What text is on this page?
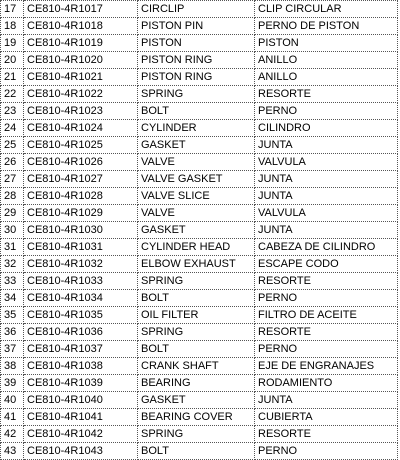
17	CE810-4R1017	CIRCLIP	CLIP CIRCULAR
18	CE810-4R1018	PISTON PIN	PERNO DE PISTON
19	CE810-4R1019	PISTON	PISTON
20	CE810-4R1020	PISTON RING	ANILLO
21	CE810-4R1021	PISTON RING	ANILLO
22	CE810-4R1022	SPRING	RESORTE
23	CE810-4R1023	BOLT	PERNO
24	CE810-4R1024	CYLINDER	CILINDRO
25	CE810-4R1025	GASKET	JUNTA
26	CE810-4R1026	VALVE	VALVULA
27	CE810-4R1027	VALVE GASKET	JUNTA
28	CE810-4R1028	VALVE SLICE	JUNTA
29	CE810-4R1029	VALVE	VALVULA
30	CE810-4R1030	GASKET	JUNTA
31	CE810-4R1031	CYLINDER HEAD	CABEZA DE CILINDRO
32	CE810-4R1032	ELBOW EXHAUST	ESCAPE CODO
33	CE810-4R1033	SPRING	RESORTE
34	CE810-4R1034	BOLT	PERNO
35	CE810-4R1035	OIL FILTER	FILTRO DE ACEITE
36	CE810-4R1036	SPRING	RESORTE
37	CE810-4R1037	BOLT	PERNO
38	CE810-4R1038	CRANK SHAFT	EJE DE ENGRANAJES
39	CE810-4R1039	BEARING	RODAMIENTO
40	CE810-4R1040	GASKET	JUNTA
41	CE810-4R1041	BEARING COVER	CUBIERTA
42	CE810-4R1042	SPRING	RESORTE
43	CE810-4R1043	BOLT	PERNO
